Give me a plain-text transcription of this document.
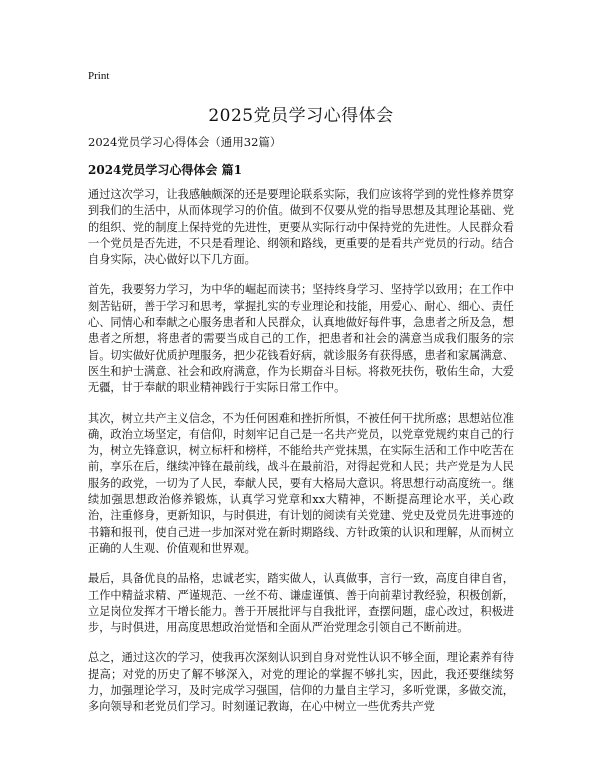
Print
2025党员学习心得体会

2024党员学习心得体会（通用32篇）

2024党员学习心得体会 篇1

通过这次学习，让我感触颇深的还是要理论联系实际，我们应该将学到的党性修养贯穿到我们的生活中，从而体现学习的价值。做到不仅要从党的指导思想及其理论基础、党的组织、党的制度上保持党的先进性，更要从实际行动中保持党的先进性。人民群众看一个党员是否先进，不只是看理论、纲领和路线，更重要的是看共产党员的行动。结合自身实际，决心做好以下几方面。

首先，我要努力学习，为中华的崛起而读书；坚持终身学习、坚持学以致用；在工作中刻苦钻研，善于学习和思考，掌握扎实的专业理论和技能，用爱心、耐心、细心、责任心、同情心和奉献之心服务患者和人民群众，认真地做好每件事，急患者之所及急，想患者之所想，将患者的需要当成自己的工作，把患者和社会的满意当成我们服务的宗旨。切实做好优质护理服务，把少花钱看好病，就诊服务有获得感，患者和家属满意、医生和护士满意、社会和政府满意，作为长期奋斗目标。将救死扶伤，敬佑生命，大爱无疆，甘于奉献的职业精神践行于实际日常工作中。

其次，树立共产主义信念，不为任何困难和挫折所惧，不被任何干扰所惑；思想站位准确，政治立场坚定，有信仰，时刻牢记自己是一名共产党员，以党章党规约束自己的行为，树立先锋意识，树立标杆和榜样，不能给共产党抹黑，在实际生活和工作中吃苦在前，享乐在后，继续冲锋在最前线，战斗在最前沿，对得起党和人民；共产党是为人民服务的政党，一切为了人民，奉献人民，要有大格局大意识。将思想行动高度统一。继续加强思想政治修养锻炼，认真学习党章和xx大精神，不断提高理论水平，关心政治，注重修身，更新知识，与时俱进，有计划的阅读有关党建、党史及党员先进事迹的书籍和报刊，使自己进一步加深对党在新时期路线、方针政策的认识和理解，从而树立正确的人生观、价值观和世界观。

最后，具备优良的品格，忠诚老实，踏实做人，认真做事，言行一致，高度自律自省，工作中精益求精、严谨规范、一丝不苟、谦虚谨慎、善于向前辈讨教经验，积极创新，立足岗位发挥才干增长能力。善于开展批评与自我批评，查摆问题，虚心改过，积极进步，与时俱进，用高度思想政治觉悟和全面从严治党理念引领自己不断前进。

总之，通过这次的学习，使我再次深刻认识到自身对党性认识不够全面，理论素养有待提高；对党的历史了解不够深入，对党的理论的掌握不够扎实，因此，我还要继续努力，加强理论学习，及时完成学习强国，信仰的力量自主学习，多听党课，多做交流，多向领导和老党员们学习。时刻谨记教诲，在心中树立一些优秀共产党
